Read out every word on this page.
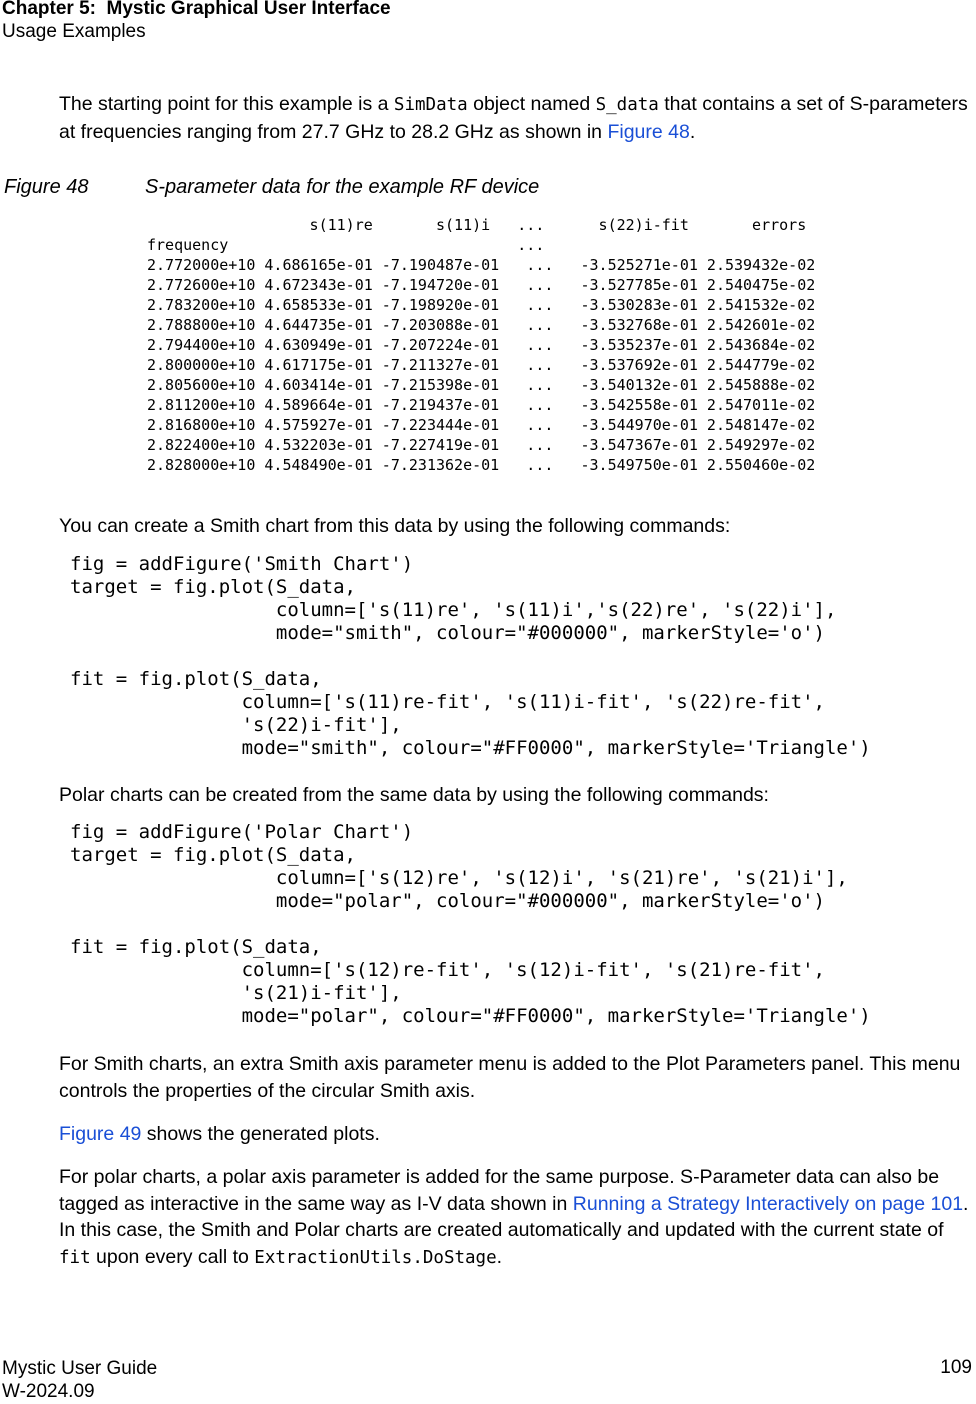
Chapter 5:  Mystic Graphical User Interface
Usage Examples
The starting point for this example is a SimData object named S_data that contains a set of S-parameters at frequencies ranging from 27.7 GHz to 28.2 GHz as shown in Figure 48.
Figure 48	S-parameter data for the example RF device
s(11)re       s(11)i   ...      s(22)i-fit       errors
frequency                                ...
2.772000e+10 4.686165e-01 -7.190487e-01   ...   -3.525271e-01 2.539432e-02
2.772600e+10 4.672343e-01 -7.194720e-01   ...   -3.527785e-01 2.540475e-02
2.783200e+10 4.658533e-01 -7.198920e-01   ...   -3.530283e-01 2.541532e-02
2.788800e+10 4.644735e-01 -7.203088e-01   ...   -3.532768e-01 2.542601e-02
2.794400e+10 4.630949e-01 -7.207224e-01   ...   -3.535237e-01 2.543684e-02
2.800000e+10 4.617175e-01 -7.211327e-01   ...   -3.537692e-01 2.544779e-02
2.805600e+10 4.603414e-01 -7.215398e-01   ...   -3.540132e-01 2.545888e-02
2.811200e+10 4.589664e-01 -7.219437e-01   ...   -3.542558e-01 2.547011e-02
2.816800e+10 4.575927e-01 -7.223444e-01   ...   -3.544970e-01 2.548147e-02
2.822400e+10 4.532203e-01 -7.227419e-01   ...   -3.547367e-01 2.549297e-02
2.828000e+10 4.548490e-01 -7.231362e-01   ...   -3.549750e-01 2.550460e-02
You can create a Smith chart from this data by using the following commands:
fig = addFigure('Smith Chart')
target = fig.plot(S_data,
column=['s(11)re', 's(11)i','s(22)re', 's(22)i'],
mode="smith", colour="#000000", markerStyle='o')

fit = fig.plot(S_data,
column=['s(11)re-fit', 's(11)i-fit', 's(22)re-fit',
's(22)i-fit'],
mode="smith", colour="#FF0000", markerStyle='Triangle')
Polar charts can be created from the same data by using the following commands:
fig = addFigure('Polar Chart')
target = fig.plot(S_data,
column=['s(12)re', 's(12)i', 's(21)re', 's(21)i'],
mode="polar", colour="#000000", markerStyle='o')

fit = fig.plot(S_data,
column=['s(12)re-fit', 's(12)i-fit', 's(21)re-fit',
's(21)i-fit'],
mode="polar", colour="#FF0000", markerStyle='Triangle')
For Smith charts, an extra Smith axis parameter menu is added to the Plot Parameters panel. This menu controls the properties of the circular Smith axis.
Figure 49 shows the generated plots.
For polar charts, a polar axis parameter is added for the same purpose. S-Parameter data can also be tagged as interactive in the same way as I-V data shown in Running a Strategy Interactively on page 101. In this case, the Smith and Polar charts are created automatically and updated with the current state of fit upon every call to ExtractionUtils.DoStage.
Mystic User Guide
W-2024.09
109
